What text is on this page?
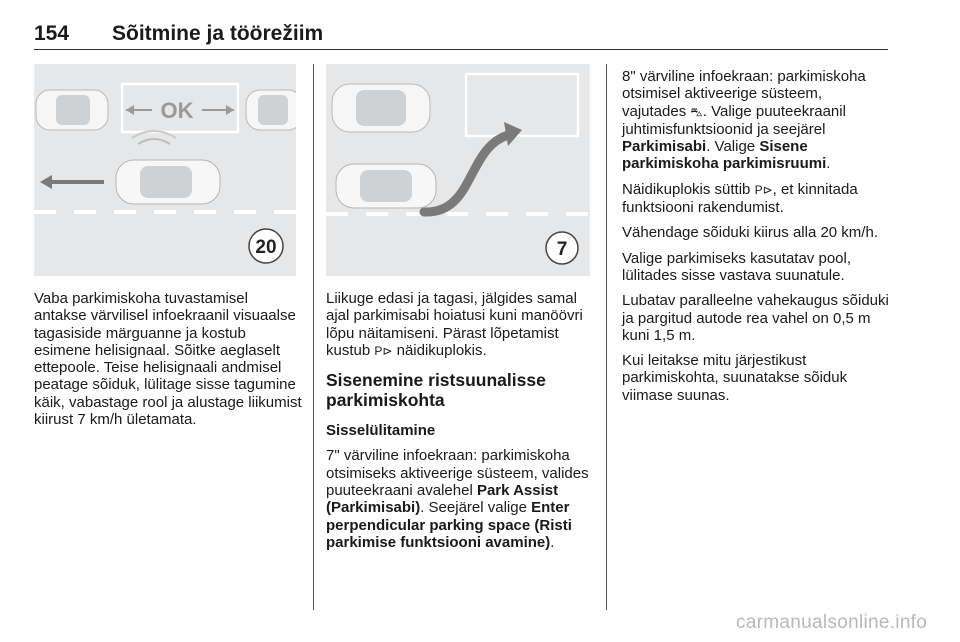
154 Sõitmine ja töörežiim
OK
20	7

Vaba parkimiskoha tuvastamisel antakse värvilisel infoekraanil visuaalse tagasiside märguanne ja kostub esimene helisignaal. Sõitke aeglaselt ettepoole. Teise helisignaali andmisel peatage sõiduk, lülitage sisse tagumine käik, vabastage rool ja alustage liikumist kiirust 7 km/h ületamata.

Liikuge edasi ja tagasi, jälgides samal ajal parkimisabi hoiatusi kuni manöövri lõpu näitamiseni. Pärast lõpetamist kustub P⊳ näidikuplokis.

Sisenemine ristsuunalisse parkimiskohta

Sisselülitamine

7" värviline infoekraan: parkimiskoha otsimiseks aktiveerige süsteem, valides puuteekraani avalehel Park Assist (Parkimisabi). Seejärel valige Enter perpendicular parking space (Risti parkimise funktsiooni avamine).

8" värviline infoekraan: parkimiskoha otsimisel aktiveerige süsteem, vajutades ⛍. Valige puuteekraanil juhtimisfunktsioonid ja seejärel Parkimisabi. Valige Sisene parkimiskoha parkimisruumi.

Näidikuplokis süttib P⊳, et kinnitada funktsiooni rakendumist.

Vähendage sõiduki kiirus alla 20 km/h.

Valige parkimiseks kasutatav pool, lülitades sisse vastava suunatule.

Lubatav paralleelne vahekaugus sõiduki ja pargitud autode rea vahel on 0,5 m kuni 1,5 m.

Kui leitakse mitu järjestikust parkimiskohta, suunatakse sõiduk viimase suunas.

carmanualsonline.info
